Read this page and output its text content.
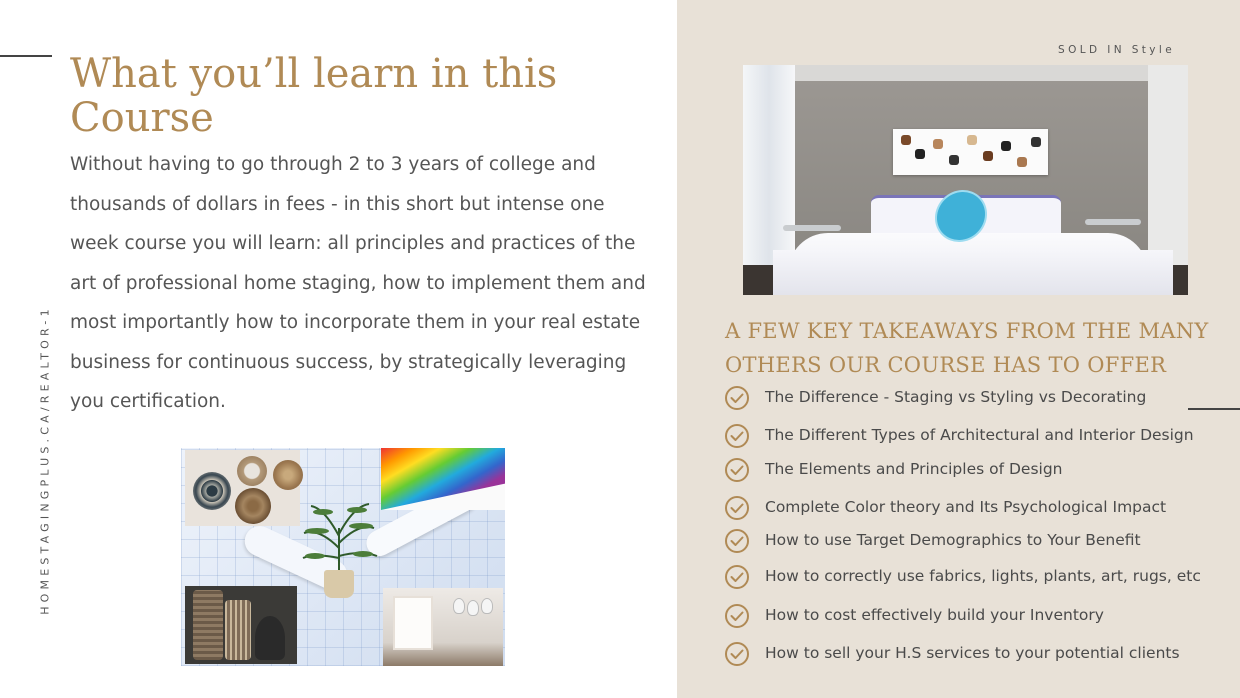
HOMESTAGINGPLUS.CA/REALTOR-1
What you’ll learn in this
Course

Without having to go through 2 to 3 years of college and thousands of dollars in fees - in this short but intense one week course you will learn: all principles and practices of the art of professional home staging, how to implement them and most importantly how to incorporate them in your real estate business for continuous success, by strategically leveraging you certification.

SOLD IN Style
A FEW KEY TAKEAWAYS FROM THE MANY OTHERS OUR COURSE HAS TO OFFER
The Difference - Staging vs Styling vs Decorating
The Different Types of Architectural and Interior Design
The Elements and Principles of Design
Complete Color theory and Its Psychological Impact
How to use Target Demographics to Your Benefit
How to correctly use fabrics, lights, plants, art, rugs, etc
How to cost effectively build your Inventory
How to sell your H.S services to your potential clients
